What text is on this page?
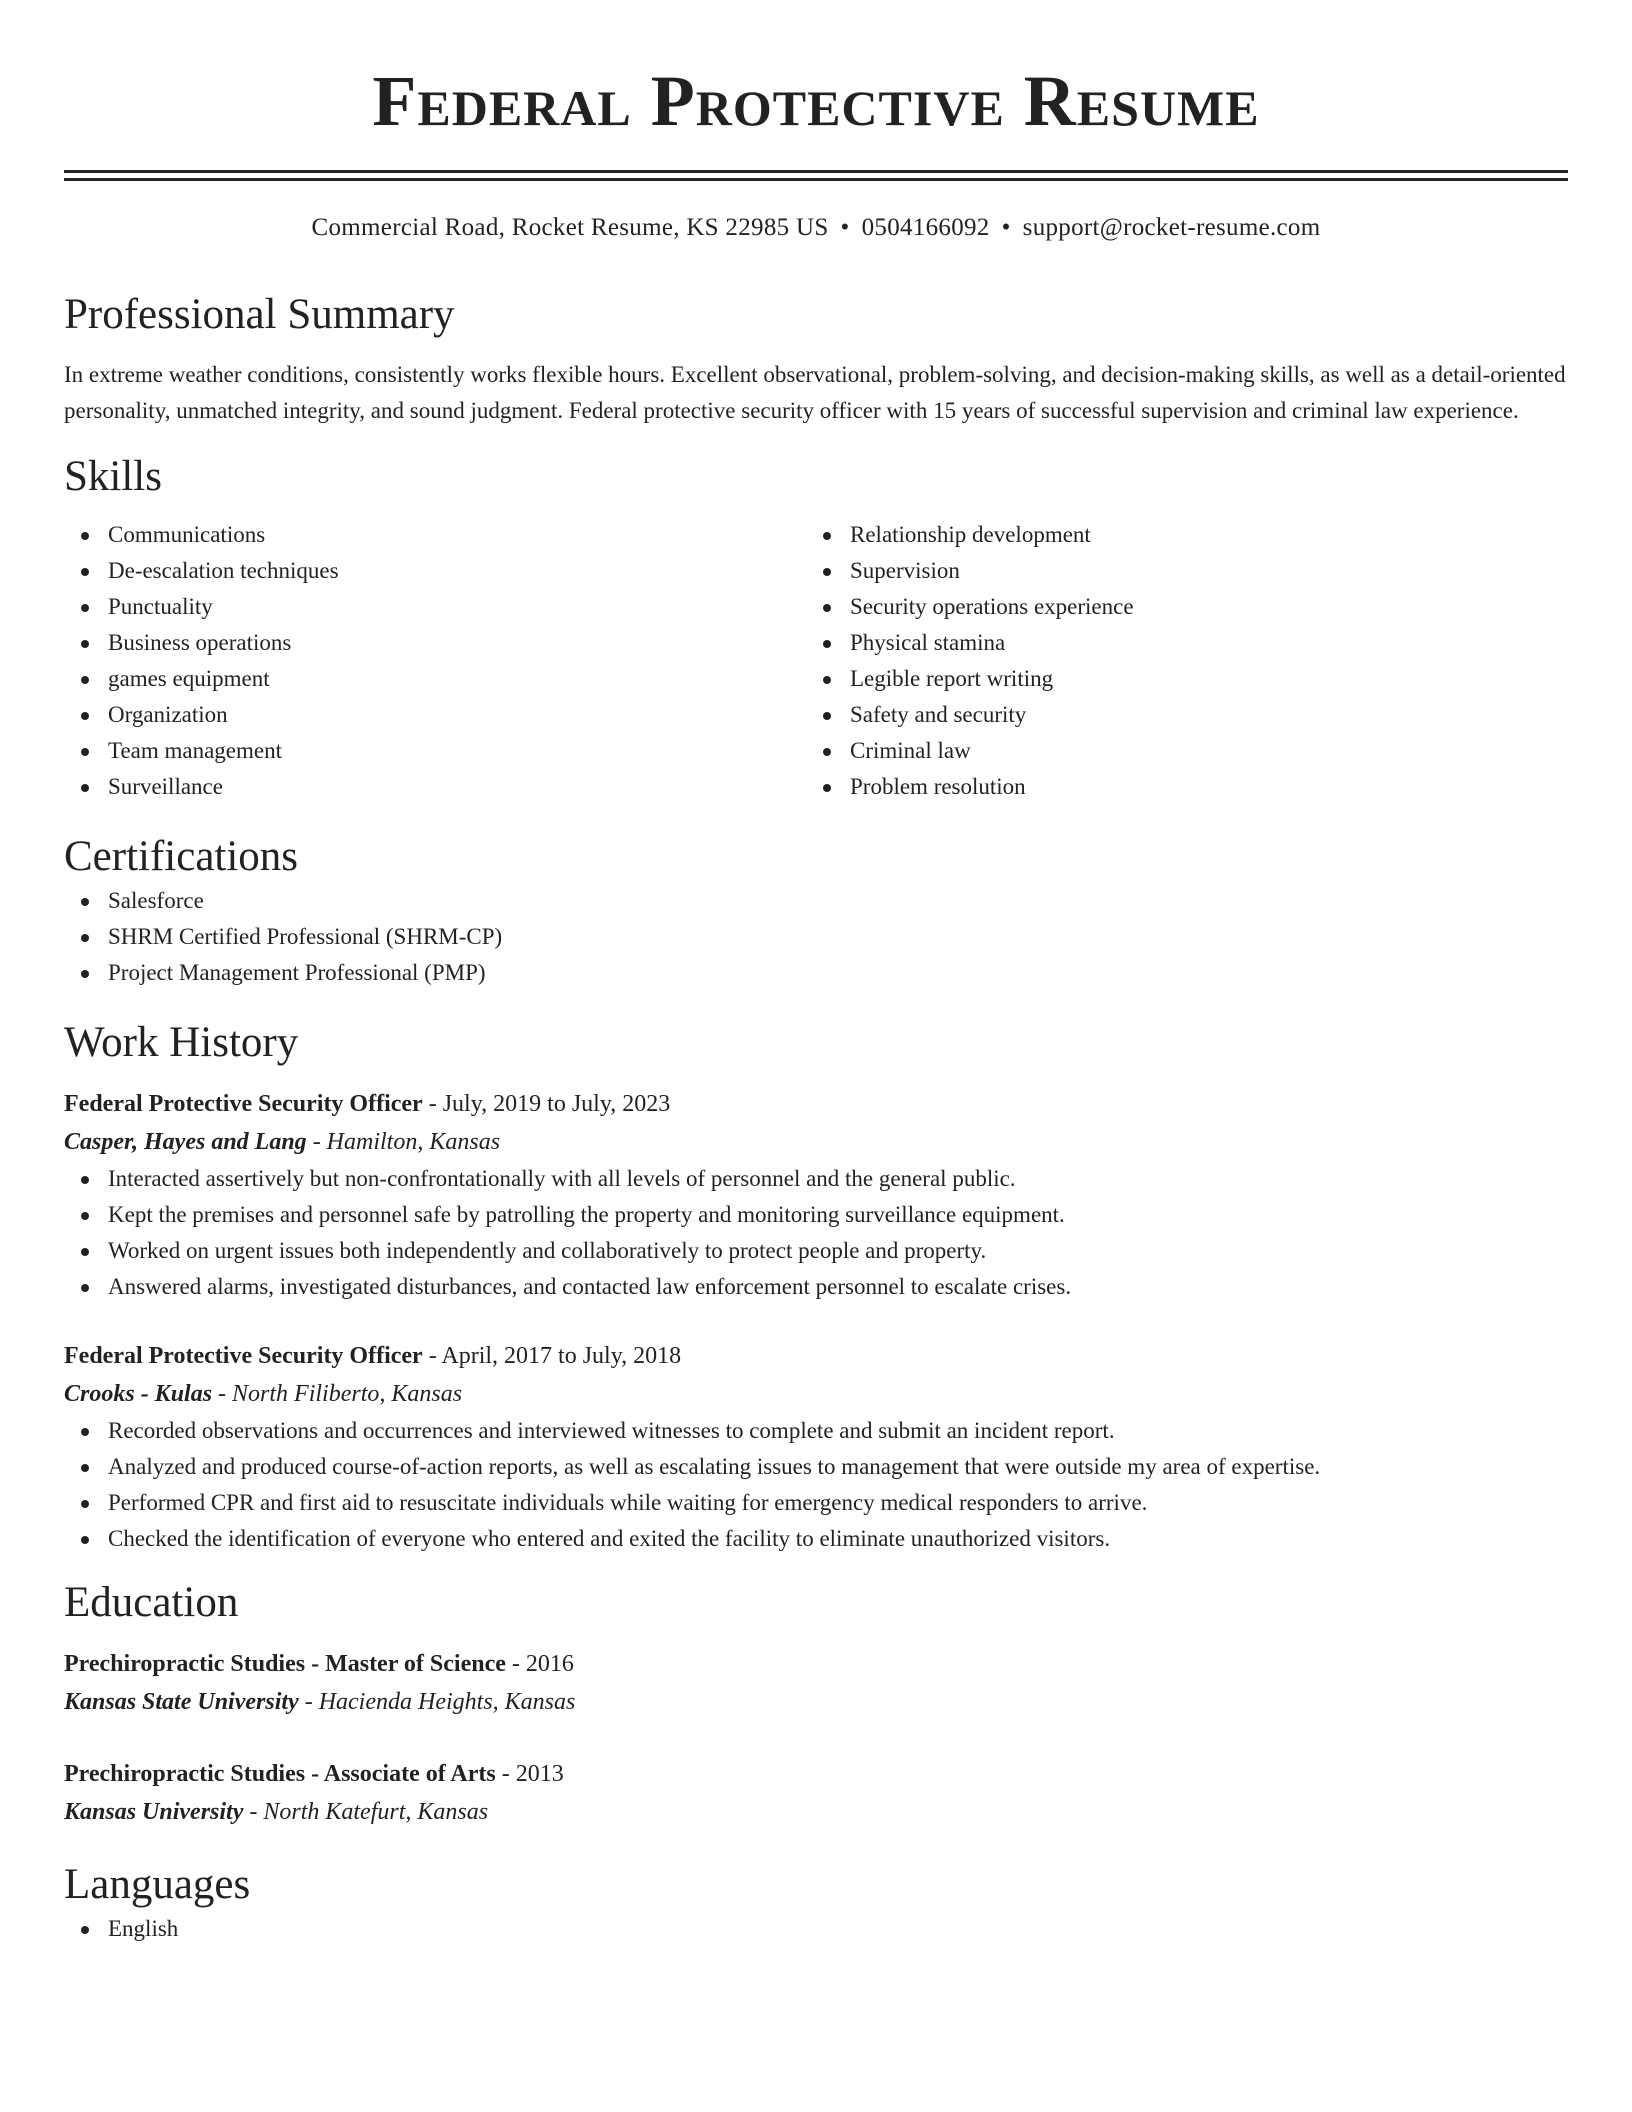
Federal Protective Resume
Commercial Road, Rocket Resume, KS 22985 US • 0504166092 • support@rocket-resume.com
Professional Summary
In extreme weather conditions, consistently works flexible hours. Excellent observational, problem-solving, and decision-making skills, as well as a detail-oriented personality, unmatched integrity, and sound judgment. Federal protective security officer with 15 years of successful supervision and criminal law experience.
Skills
Communications
De-escalation techniques
Punctuality
Business operations
games equipment
Organization
Team management
Surveillance
Relationship development
Supervision
Security operations experience
Physical stamina
Legible report writing
Safety and security
Criminal law
Problem resolution
Certifications
Salesforce
SHRM Certified Professional (SHRM-CP)
Project Management Professional (PMP)
Work History
Federal Protective Security Officer - July, 2019 to July, 2023
Casper, Hayes and Lang - Hamilton, Kansas
Interacted assertively but non-confrontationally with all levels of personnel and the general public.
Kept the premises and personnel safe by patrolling the property and monitoring surveillance equipment.
Worked on urgent issues both independently and collaboratively to protect people and property.
Answered alarms, investigated disturbances, and contacted law enforcement personnel to escalate crises.
Federal Protective Security Officer - April, 2017 to July, 2018
Crooks - Kulas - North Filiberto, Kansas
Recorded observations and occurrences and interviewed witnesses to complete and submit an incident report.
Analyzed and produced course-of-action reports, as well as escalating issues to management that were outside my area of expertise.
Performed CPR and first aid to resuscitate individuals while waiting for emergency medical responders to arrive.
Checked the identification of everyone who entered and exited the facility to eliminate unauthorized visitors.
Education
Prechiropractic Studies - Master of Science - 2016
Kansas State University - Hacienda Heights, Kansas
Prechiropractic Studies - Associate of Arts - 2013
Kansas University - North Katefurt, Kansas
Languages
English
